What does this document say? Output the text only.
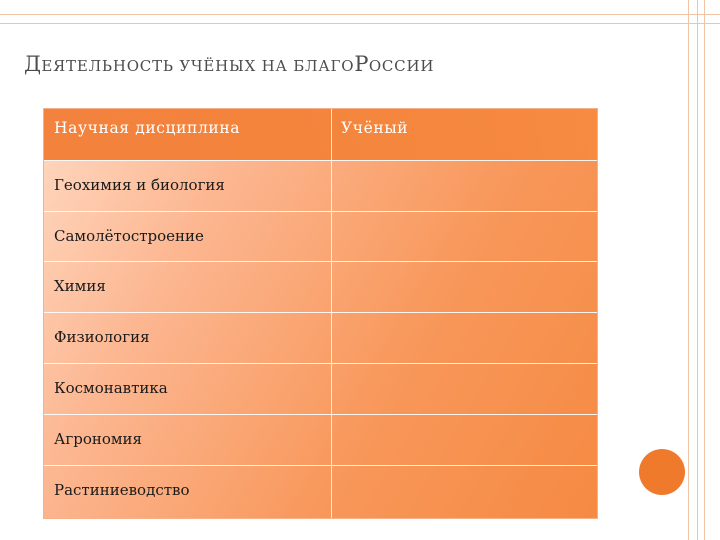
ДЕЯТЕЛЬНОСТЬ УЧЁНЫХ НА БЛАГОРОССИИ
Научная дисциплина	Учёный
Геохимия и биология
Самолётостроение
Химия
Физиология
Космонавтика
Агрономия
Растиниеводство
